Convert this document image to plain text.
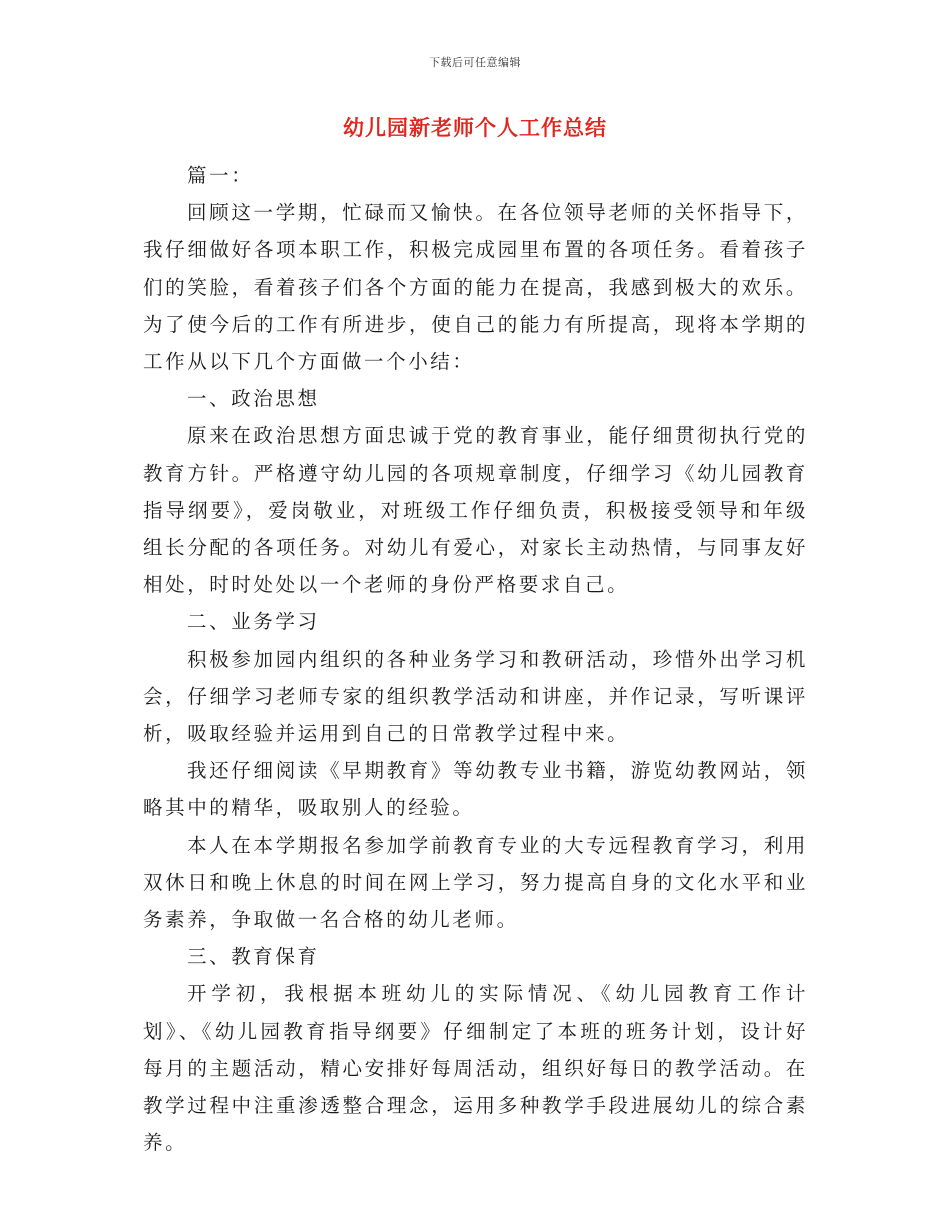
下载后可任意编辑
幼儿园新老师个人工作总结

篇一：

回顾这一学期，忙碌而又愉快。在各位领导老师的关怀指导下，我仔细做好各项本职工作，积极完成园里布置的各项任务。看着孩子们的笑脸，看着孩子们各个方面的能力在提高，我感到极大的欢乐。为了使今后的工作有所进步，使自己的能力有所提高，现将本学期的工作从以下几个方面做一个小结：

一、政治思想

原来在政治思想方面忠诚于党的教育事业，能仔细贯彻执行党的教育方针。严格遵守幼儿园的各项规章制度，仔细学习《幼儿园教育指导纲要》，爱岗敬业，对班级工作仔细负责，积极接受领导和年级组长分配的各项任务。对幼儿有爱心，对家长主动热情，与同事友好相处，时时处处以一个老师的身份严格要求自己。

二、业务学习

积极参加园内组织的各种业务学习和教研活动，珍惜外出学习机会，仔细学习老师专家的组织教学活动和讲座，并作记录，写听课评析，吸取经验并运用到自己的日常教学过程中来。

我还仔细阅读《早期教育》等幼教专业书籍，游览幼教网站，领略其中的精华，吸取别人的经验。

本人在本学期报名参加学前教育专业的大专远程教育学习，利用双休日和晚上休息的时间在网上学习，努力提高自身的文化水平和业务素养，争取做一名合格的幼儿老师。

三、教育保育

开学初，我根据本班幼儿的实际情况、《幼儿园教育工作计划》、《幼儿园教育指导纲要》仔细制定了本班的班务计划，设计好每月的主题活动，精心安排好每周活动，组织好每日的教学活动。在教学过程中注重渗透整合理念，运用多种教学手段进展幼儿的综合素养。
